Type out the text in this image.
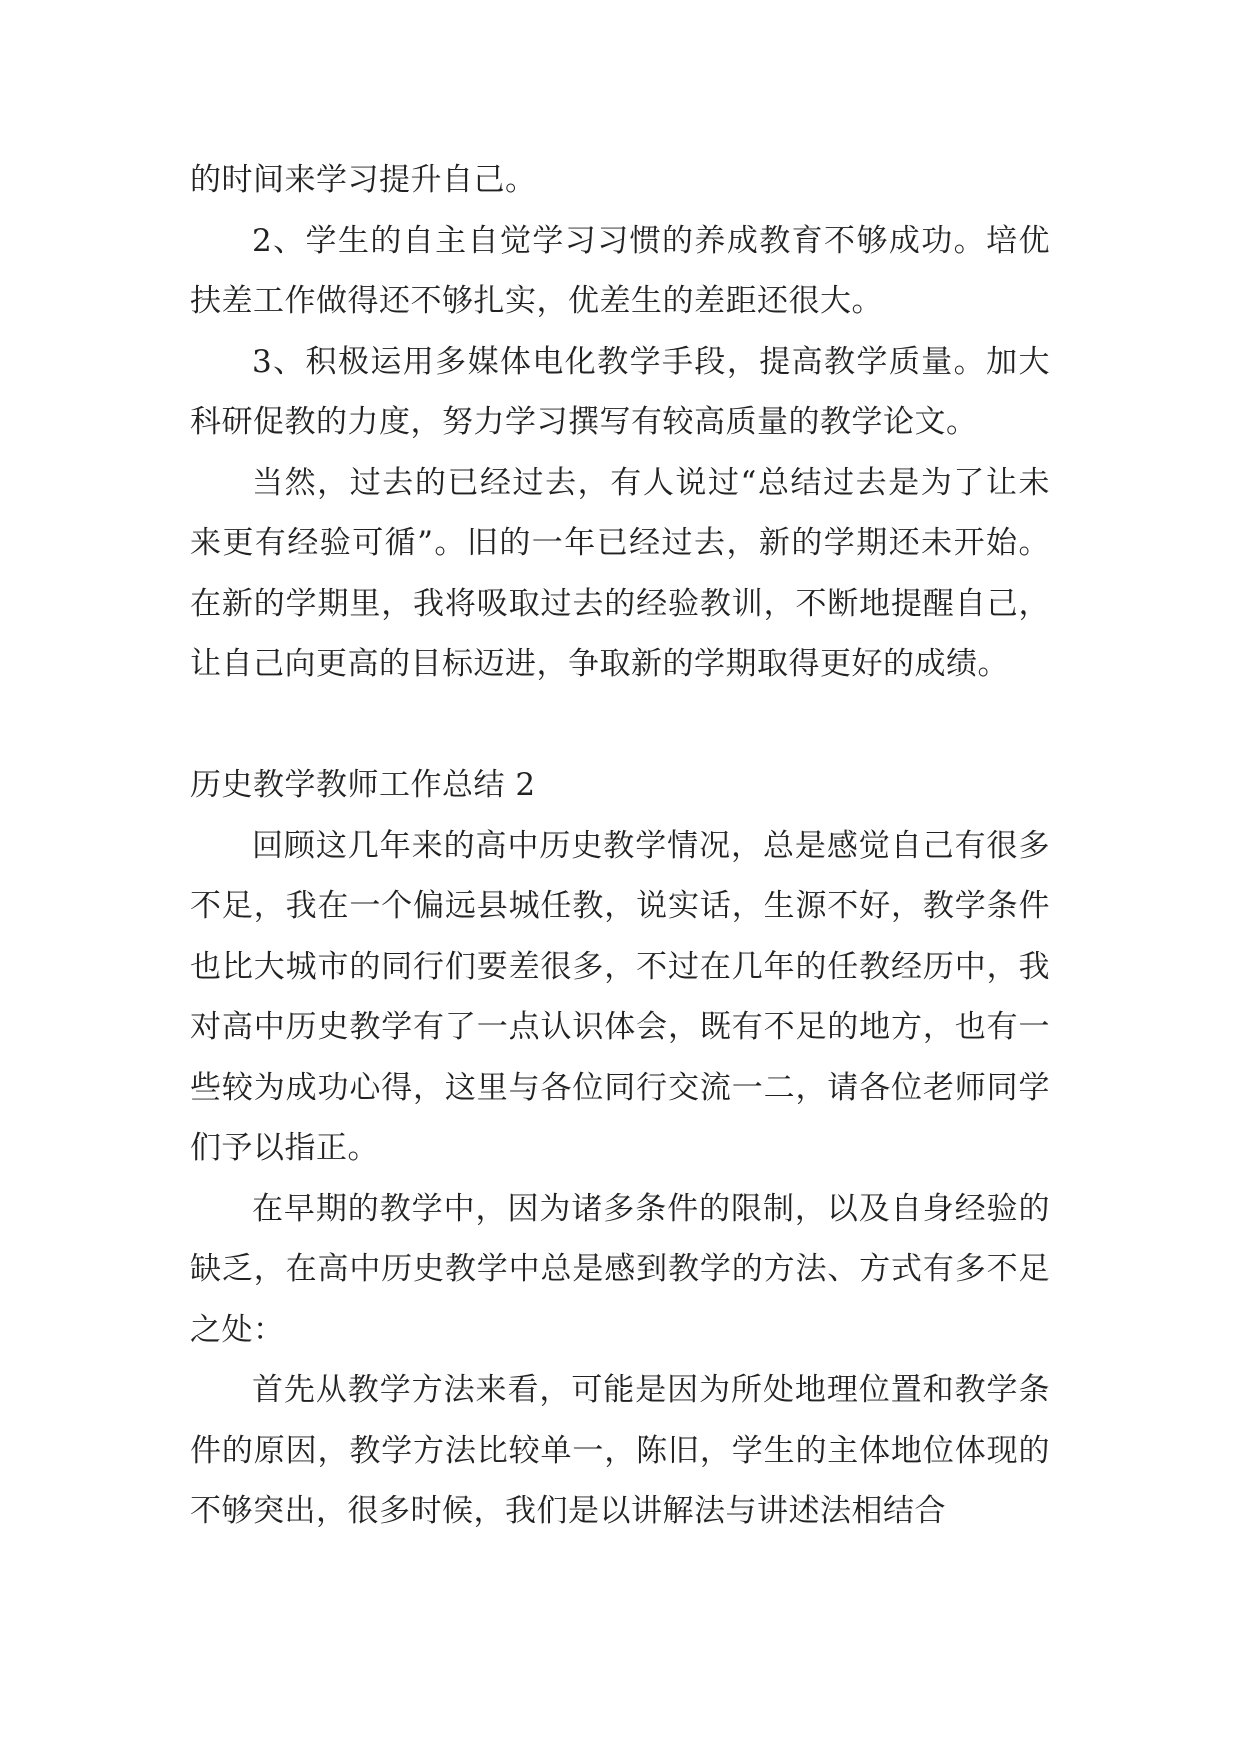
的时间来学习提升自己。

2、学生的自主自觉学习习惯的养成教育不够成功。培优扶差工作做得还不够扎实，优差生的差距还很大。

3、积极运用多媒体电化教学手段，提高教学质量。加大科研促教的力度，努力学习撰写有较高质量的教学论文。

当然，过去的已经过去，有人说过“总结过去是为了让未来更有经验可循”。旧的一年已经过去，新的学期还未开始。在新的学期里，我将吸取过去的经验教训，不断地提醒自己，让自己向更高的目标迈进，争取新的学期取得更好的成绩。

历史教学教师工作总结 2

回顾这几年来的高中历史教学情况，总是感觉自己有很多不足，我在一个偏远县城任教，说实话，生源不好，教学条件也比大城市的同行们要差很多，不过在几年的任教经历中，我对高中历史教学有了一点认识体会，既有不足的地方，也有一些较为成功心得，这里与各位同行交流一二，请各位老师同学们予以指正。

在早期的教学中，因为诸多条件的限制，以及自身经验的缺乏，在高中历史教学中总是感到教学的方法、方式有多不足之处：

首先从教学方法来看，可能是因为所处地理位置和教学条件的原因，教学方法比较单一，陈旧，学生的主体地位体现的不够突出，很多时候，我们是以讲解法与讲述法相结合
